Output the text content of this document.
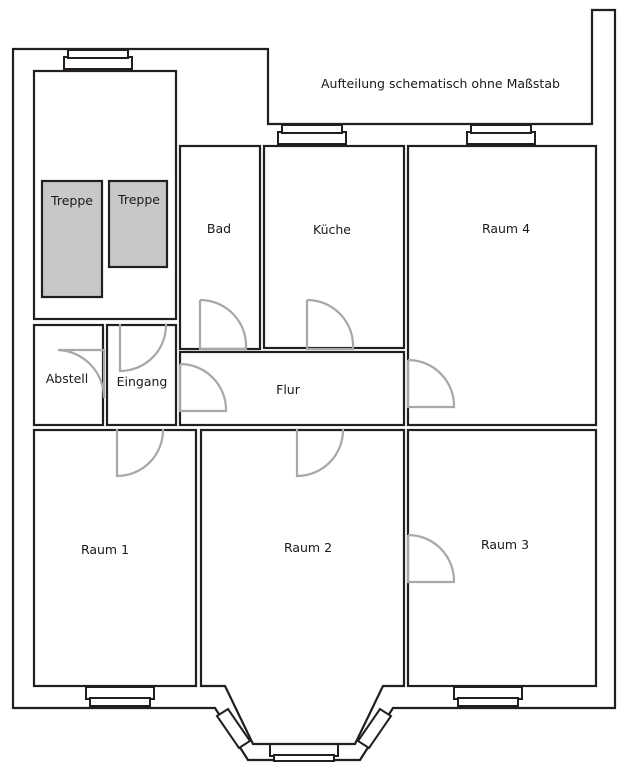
Aufteilung schematisch ohne Maßstab
Treppe Treppe
Bad	Küche	Raum 4
Abstell Eingang
Flur
Raum 1	Raum 2	Raum 3
